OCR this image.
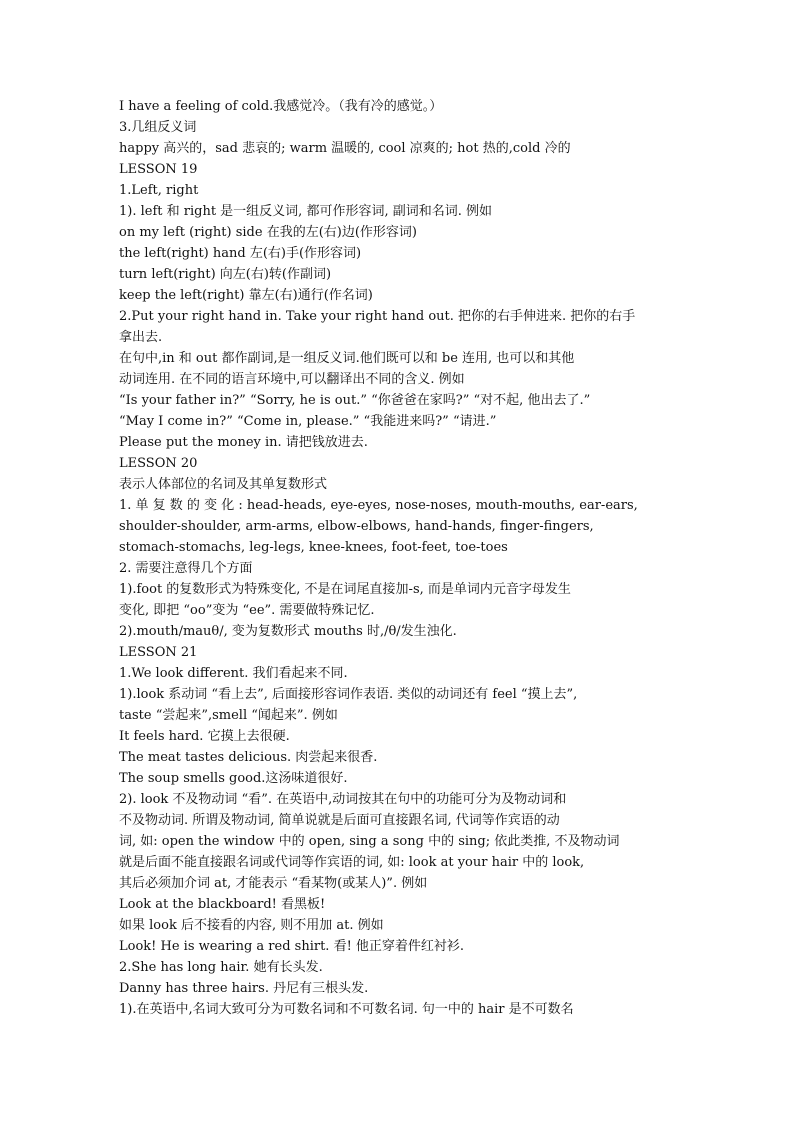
I have a feeling of cold.我感觉冷。（我有冷的感觉。）
3.几组反义词
happy 高兴的，sad 悲哀的; warm 温暖的, cool 凉爽的; hot 热的,cold 冷的
LESSON 19
1.Left, right
1). left 和 right 是一组反义词, 都可作形容词, 副词和名词. 例如
on my left (right) side 在我的左(右)边(作形容词)
the left(right) hand 左(右)手(作形容词)
turn left(right) 向左(右)转(作副词)
keep the left(right) 靠左(右)通行(作名词)
2.Put your right hand in. Take your right hand out. 把你的右手伸进来. 把你的右手
拿出去.
在句中,in 和 out 都作副词,是一组反义词.他们既可以和 be 连用, 也可以和其他
动词连用. 在不同的语言环境中,可以翻译出不同的含义. 例如
“Is your father in?” “Sorry, he is out.” “你爸爸在家吗?” “对不起, 他出去了.”
“May I come in?” “Come in, please.” “我能进来吗?” “请进.”
Please put the money in. 请把钱放进去.
LESSON 20
表示人体部位的名词及其单复数形式
1. 单 复 数 的 变 化 : head-heads, eye-eyes, nose-noses, mouth-mouths, ear-ears,
shoulder-shoulder, arm-arms, elbow-elbows, hand-hands, finger-fingers,
stomach-stomachs, leg-legs, knee-knees, foot-feet, toe-toes
2. 需要注意得几个方面
1).foot 的复数形式为特殊变化, 不是在词尾直接加-s, 而是单词内元音字母发生
变化, 即把 “oo”变为 “ee”. 需要做特殊记忆.
2).mouth/mauθ/, 变为复数形式 mouths 时,/θ/发生浊化.
LESSON 21
1.We look different. 我们看起来不同.
1).look 系动词 “看上去”, 后面接形容词作表语. 类似的动词还有 feel “摸上去”,
taste “尝起来”,smell “闻起来”. 例如
It feels hard. 它摸上去很硬.
The meat tastes delicious. 肉尝起来很香.
The soup smells good.这汤味道很好.
2). look 不及物动词 “看”. 在英语中,动词按其在句中的功能可分为及物动词和
不及物动词. 所谓及物动词, 简单说就是后面可直接跟名词, 代词等作宾语的动
词, 如: open the window 中的 open, sing a song 中的 sing; 依此类推, 不及物动词
就是后面不能直接跟名词或代词等作宾语的词, 如: look at your hair 中的 look,
其后必须加介词 at, 才能表示 “看某物(或某人)”. 例如
Look at the blackboard! 看黑板!
如果 look 后不接看的内容, 则不用加 at. 例如
Look! He is wearing a red shirt. 看! 他正穿着件红衬衫.
2.She has long hair. 她有长头发.
Danny has three hairs. 丹尼有三根头发.
1).在英语中,名词大致可分为可数名词和不可数名词. 句一中的 hair 是不可数名
